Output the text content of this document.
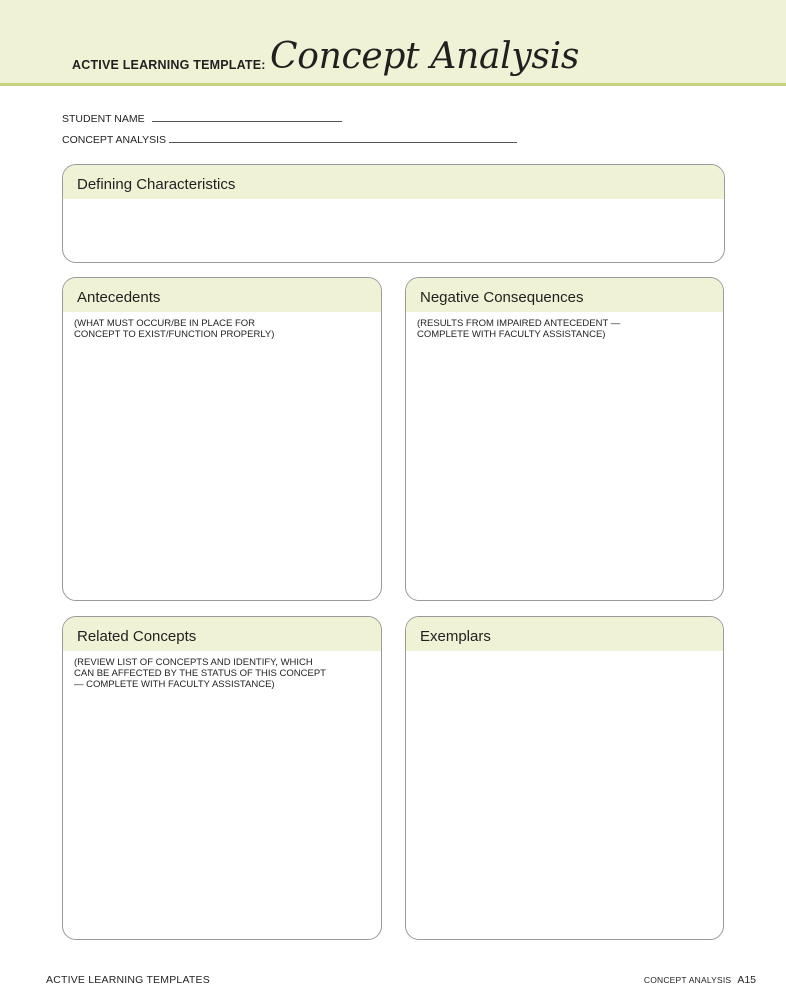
ACTIVE LEARNING TEMPLATE: Concept Analysis
STUDENT NAME
CONCEPT ANALYSIS
Defining Characteristics
Antecedents
(WHAT MUST OCCUR/BE IN PLACE FOR
CONCEPT TO EXIST/FUNCTION PROPERLY)
Negative Consequences
(RESULTS FROM IMPAIRED ANTECEDENT —
COMPLETE WITH FACULTY ASSISTANCE)
Related Concepts
(REVIEW LIST OF CONCEPTS AND IDENTIFY, WHICH
CAN BE AFFECTED BY THE STATUS OF THIS CONCEPT
— COMPLETE WITH FACULTY ASSISTANCE)
Exemplars
ACTIVE LEARNING TEMPLATES	CONCEPT ANALYSIS A15
